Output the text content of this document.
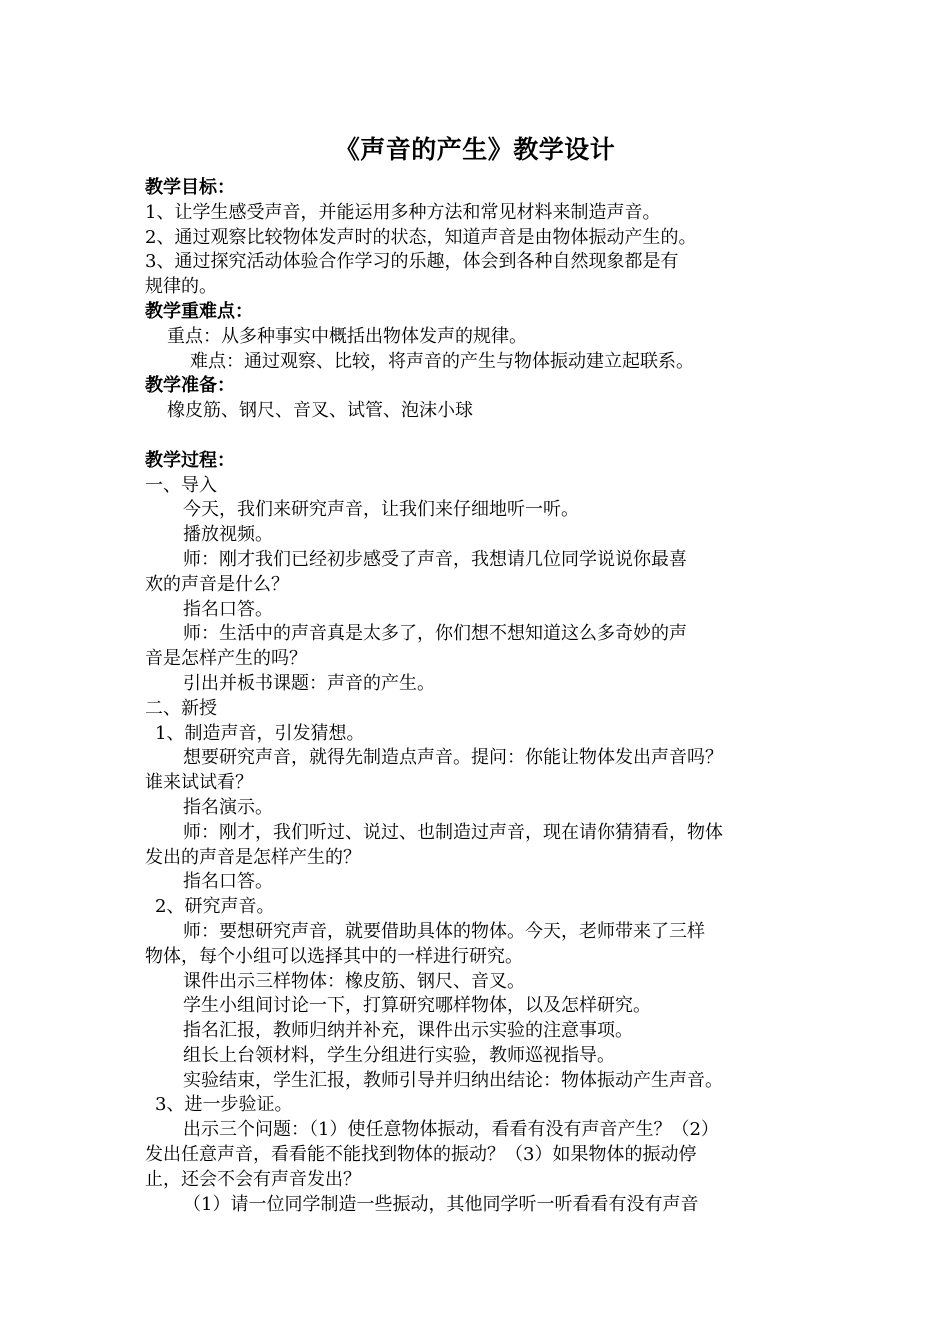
《声音的产生》教学设计
教学目标：
1、让学生感受声音，并能运用多种方法和常见材料来制造声音。
2、通过观察比较物体发声时的状态，知道声音是由物体振动产生的。
3、通过探究活动体验合作学习的乐趣，体会到各种自然现象都是有
规律的。
教学重难点：
重点：从多种事实中概括出物体发声的规律。
难点：通过观察、比较，将声音的产生与物体振动建立起联系。
教学准备：
橡皮筋、钢尺、音叉、试管、泡沫小球
教学过程：
一、导入
今天，我们来研究声音，让我们来仔细地听一听。
播放视频。
师：刚才我们已经初步感受了声音，我想请几位同学说说你最喜
欢的声音是什么？
指名口答。
师：生活中的声音真是太多了，你们想不想知道这么多奇妙的声
音是怎样产生的吗？
引出并板书课题：声音的产生。
二、新授
1、制造声音，引发猜想。
想要研究声音，就得先制造点声音。提问：你能让物体发出声音吗？
谁来试试看？
指名演示。
师：刚才，我们听过、说过、也制造过声音，现在请你猜猜看，物体
发出的声音是怎样产生的？
指名口答。
2、研究声音。
师：要想研究声音，就要借助具体的物体。今天，老师带来了三样
物体，每个小组可以选择其中的一样进行研究。
课件出示三样物体：橡皮筋、钢尺、音叉。
学生小组间讨论一下，打算研究哪样物体，以及怎样研究。
指名汇报，教师归纳并补充，课件出示实验的注意事项。
组长上台领材料，学生分组进行实验，教师巡视指导。
实验结束，学生汇报，教师引导并归纳出结论：物体振动产生声音。
3、进一步验证。
出示三个问题：（1）使任意物体振动，看看有没有声音产生？（2）
发出任意声音，看看能不能找到物体的振动？（3）如果物体的振动停
止，还会不会有声音发出？
（1）请一位同学制造一些振动，其他同学听一听看看有没有声音
